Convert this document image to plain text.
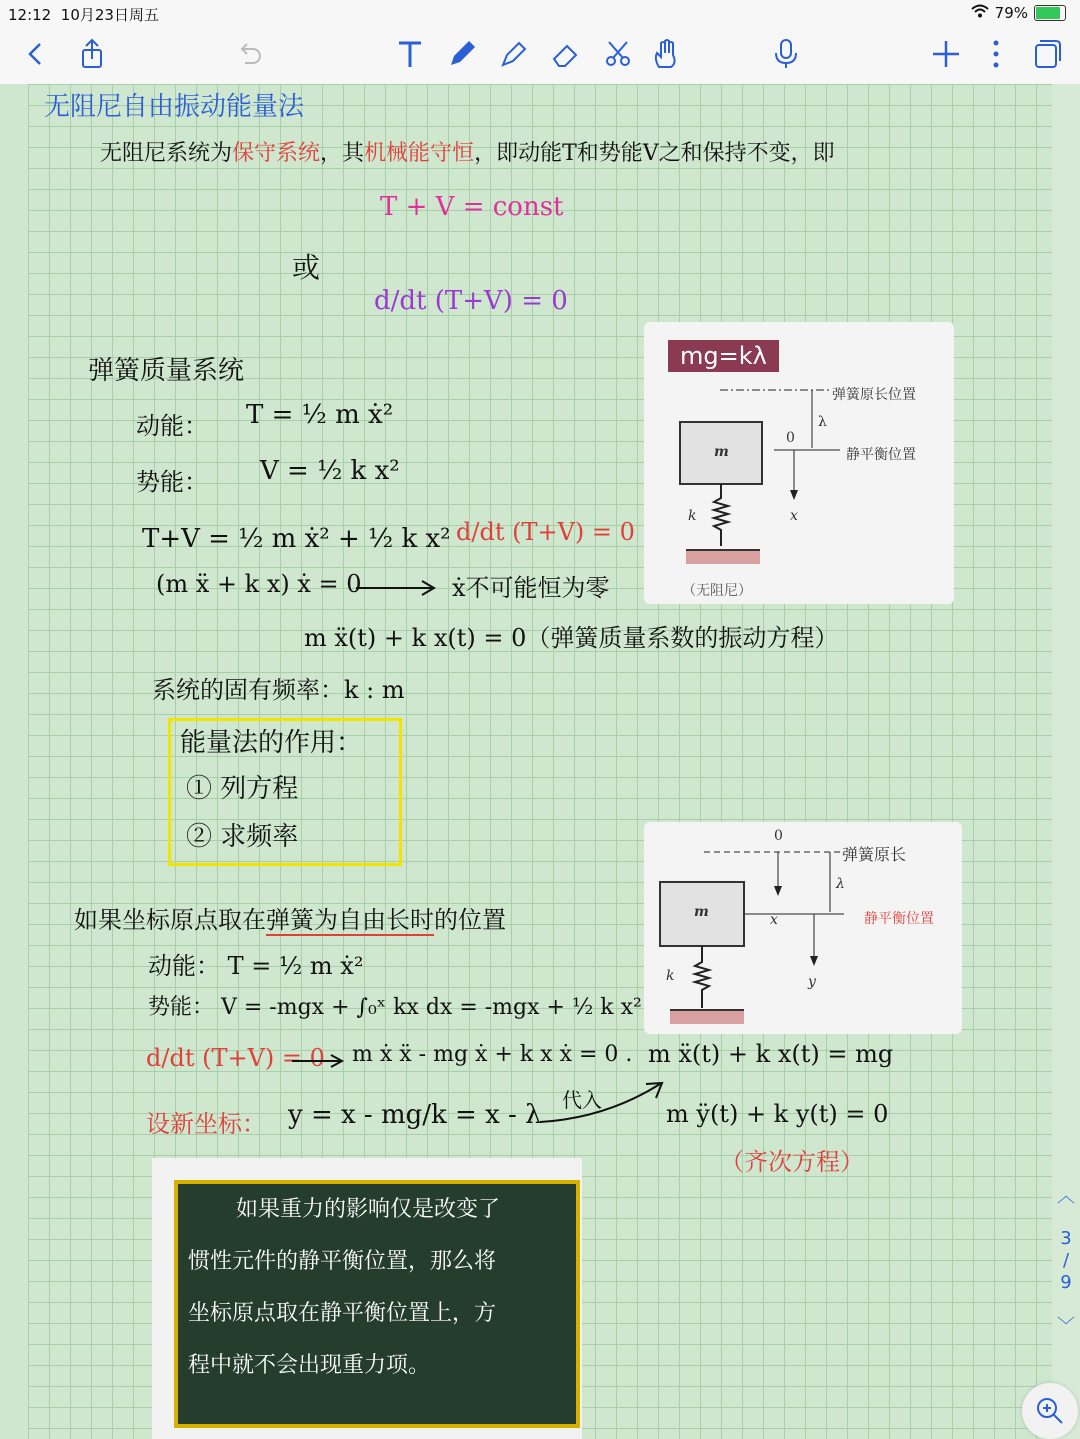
12:12 10月23日周五	79%
无阻尼自由振动能量法
无阻尼系统为保守系统，其机械能守恒，即动能T和势能V之和保持不变，即
T + V = const
或
d/dt (T+V) = 0
弹簧质量系统
动能： T = ½ m ẋ²
势能： V = ½ k x²
T+V = ½ m ẋ² + ½ k x² d/dt (T+V) = 0
(m ẍ + k x) ẋ = 0	ẋ不可能恒为零
m ẍ(t) + k x(t) = 0（弹簧质量系数的振动方程）
系统的固有频率：k : m
能量法的作用：
① 列方程
② 求频率
如果坐标原点取在弹簧为自由长时的位置
动能： T = ½ m ẋ²
势能： V = -mgx + ∫₀ˣ kx dx = -mgx + ½ k x²
d/dt (T+V) = 0 m ẋ ẍ - mg ẋ + k x ẋ = 0 . m ẍ(t) + k x(t) = mg
设新坐标： y = x - mg/k = x - λ 代入	m ÿ(t) + k y(t) = 0
（齐次方程）
mg=kλ
弹簧原长位置
λ
0
静平衡位置
m
k	x
（无阻尼）
0
弹簧原长
λ
静平衡位置
m	x
y
k
如果重力的影响仅是改变了
惯性元件的静平衡位置，那么将
坐标原点取在静平衡位置上，方
程中就不会出现重力项。
︿
3
/
9
﹀
